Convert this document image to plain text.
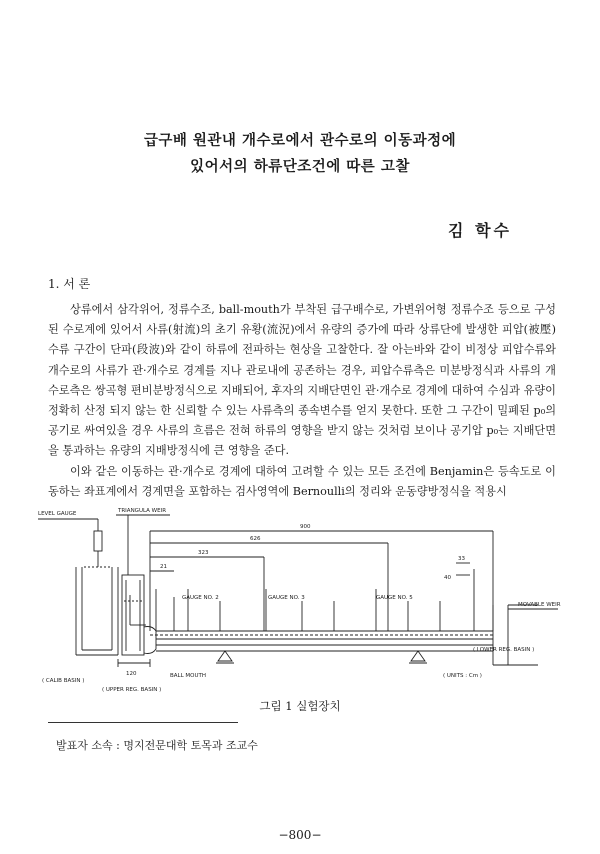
급구배 원관내 개수로에서 관수로의 이동과정에
있어서의 하류단조건에 따른 고찰
김 학수
1. 서 론
상류에서 삼각위어, 정류수조, ball-mouth가 부착된 급구배수로, 가변위어형 정류수조 등으로 구성된 수로계에 있어서 사류(射流)의 초기 유황(流況)에서 유량의 증가에 따라 상류단에 발생한 피압(被壓)수류 구간이 단파(段波)와 같이 하류에 전파하는 현상을 고찰한다. 잘 아는바와 같이 비정상 피압수류와 개수로의 사류가 관·개수로 경계를 지나 관로내에 공존하는 경우, 피압수류측은 미분방정식과 사류의 개수로측은 쌍곡형 편비분방정식으로 지배되어, 후자의 지배단면인 관·개수로 경계에 대하여 수심과 유량이 정확히 산정 되지 않는 한 신뢰할 수 있는 사류측의 종속변수를 얻지 못한다. 또한 그 구간이 밀폐된 p₀의 공기로 싸여있을 경우 사류의 흐름은 전혀 하류의 영향을 받지 않는 것처럼 보이나 공기압 p₀는 지배단면을 통과하는 유량의 지배방정식에 큰 영향을 준다.
이와 같은 이동하는 관·개수로 경계에 대하여 고려할 수 있는 모든 조건에 Benjamin은 등속도로 이동하는 좌표계에서 경계면을 포함하는 검사영역에 Bernoulli의 정리와 운동량방정식을 적용시
LEVEL GAUGE	TRIANGULA WEIR
900
626
323
21
33
40
120
GAUGE NO. 2	GAUGE NO. 3	GAUGE NO. 5
MOVABLE WEIR
( LOWER REG. BASIN )
( CALIB BASIN )
( UPPER REG. BASIN )
BALL MOUTH	( UNITS : Cm )
그림 1 실험장치
발표자 소속 : 명지전문대학 토목과 조교수
−800−
